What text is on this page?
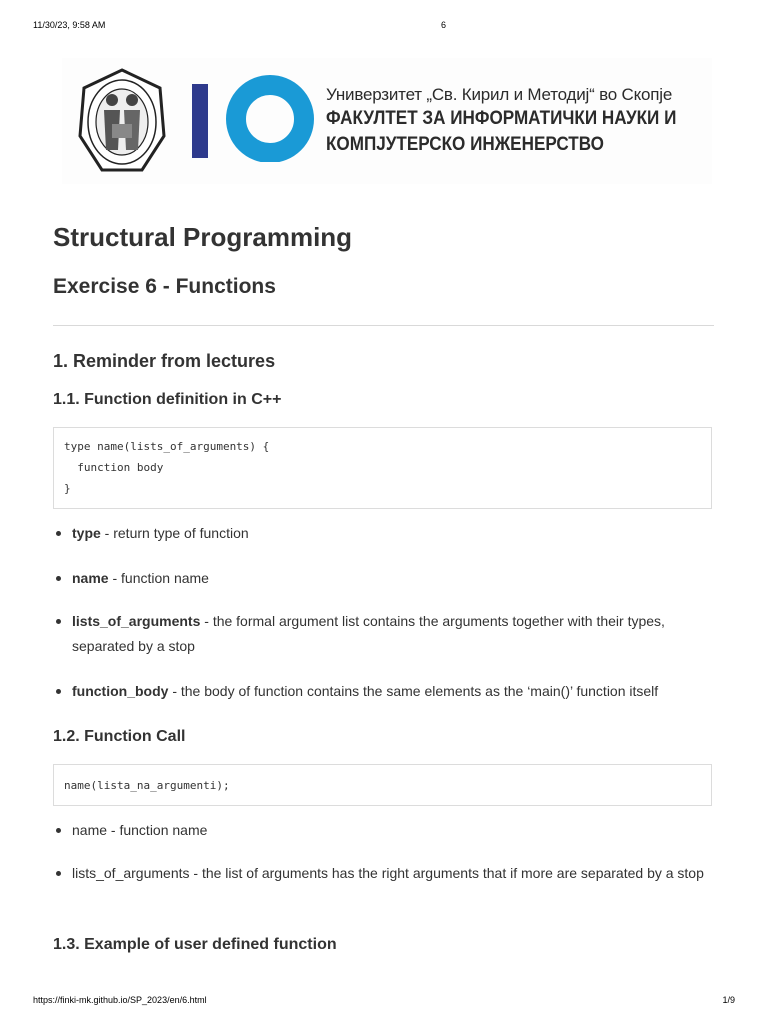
11/30/23, 9:58 AM	6
Универзитет „Св. Кирил и Методиј“ во Скопје
ФАКУЛТЕТ ЗА ИНФОРМАТИЧКИ НАУКИ И
КОМПЈУТЕРСКО ИНЖЕНЕРСТВО
Structural Programming
Exercise 6 - Functions
1. Reminder from lectures
1.1. Function definition in C++
type name(lists_of_arguments) {
function body
}
type - return type of function
name - function name
lists_of_arguments - the formal argument list contains the arguments together with their types, separated by a stop
function_body - the body of function contains the same elements as the ‘main()’ function itself
1.2. Function Call
name(lista_na_argumenti);
name - function name
lists_of_arguments - the list of arguments has the right arguments that if more are separated by a stop
1.3. Example of user defined function
https://finki-mk.github.io/SP_2023/en/6.html	1/9
